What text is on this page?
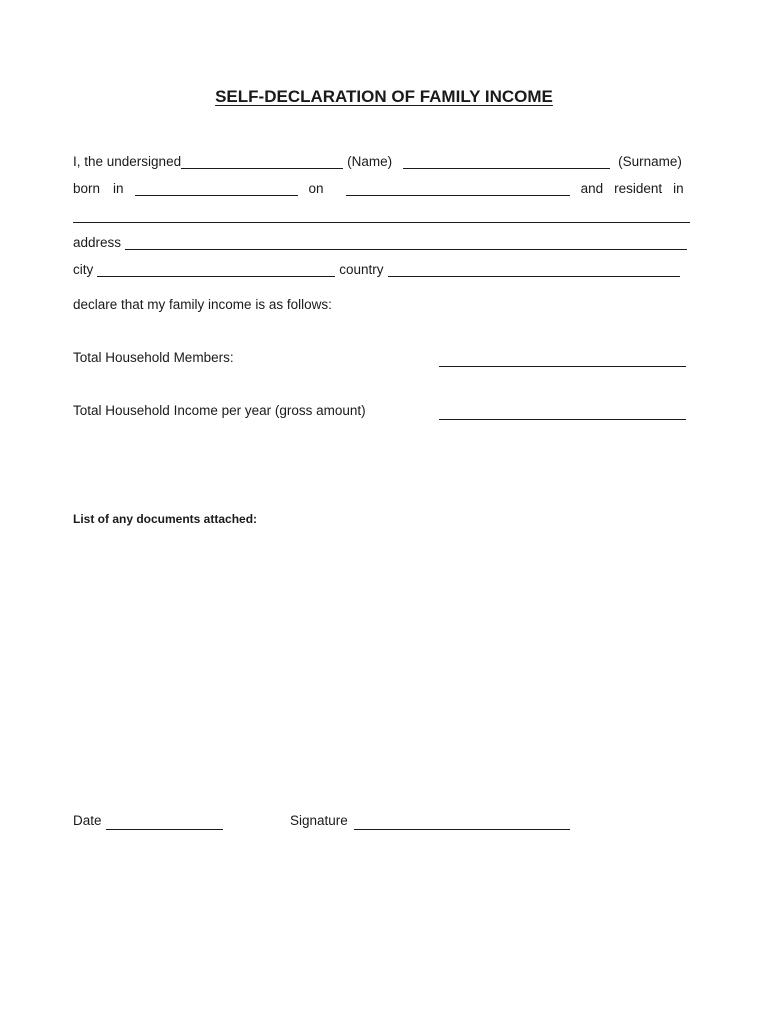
SELF-DECLARATION OF FAMILY INCOME
I, the undersigned	(Name)	(Surname)
born in	on	and resident in
address
city	country
declare that my family income is as follows:
Total Household Members:
Total Household Income per year (gross amount)
List of any documents attached:
Date	Signature
